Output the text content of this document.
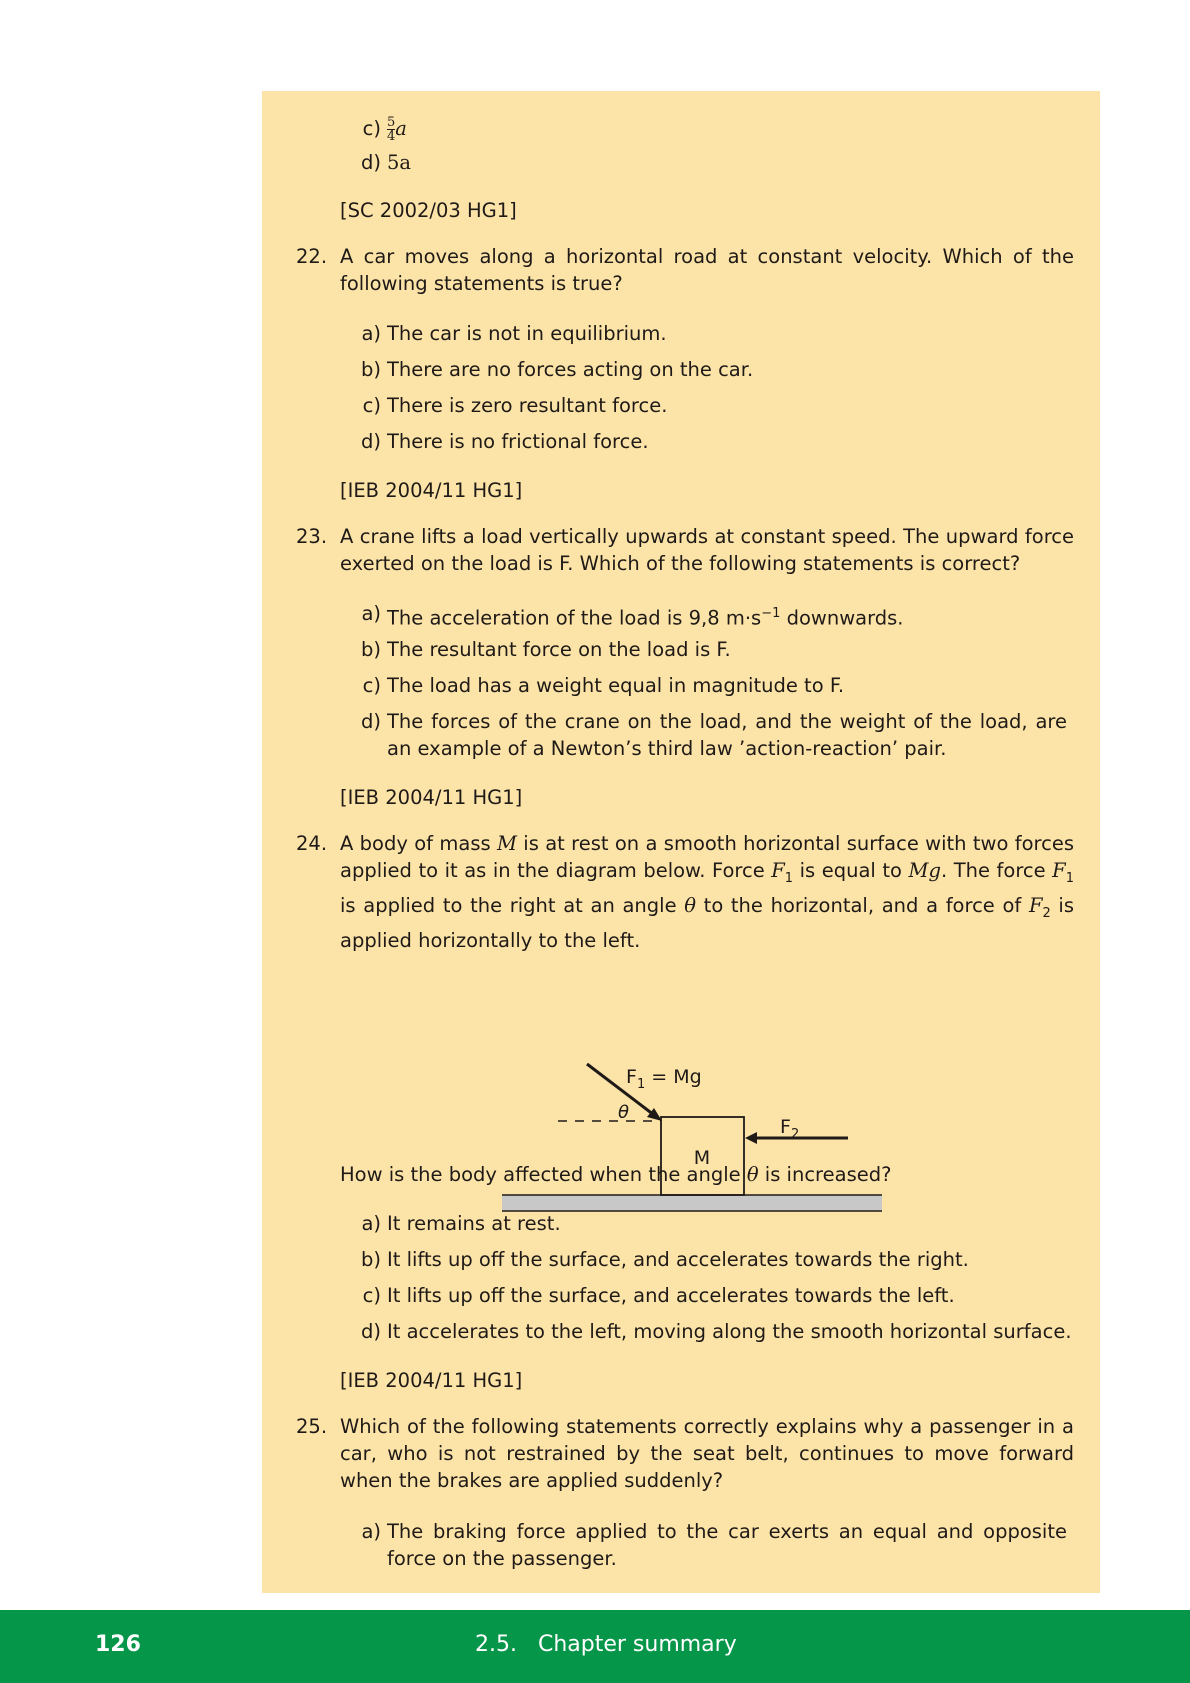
$c) \frac{5}{4}$ a
d) 5a
[SC 2002/03 HG1]
22. A car moves along a horizontal road at constant velocity. Which of the following statements is true?
a) The car is not in equilibrium.
b) There are no forces acting on the car.
c) There is zero resultant force.
d) There is no frictional force.
[IEB 2004/11 HG1]
23. A crane lifts a load vertically upwards at constant speed. The upward force exerted on the load is F. Which of the following statements is correct?
a) The acceleration of the load is 9,8 $m\cdot s^{-1}$ downwards.
b) The resultant force on the load is F.
c) The load has a weight equal in magnitude to F.
d) The forces of the crane on the load, and the weight of the load, are an example of a Newton’s third law ’action-reaction’ pair.
[IEB 2004/11 HG1]
24. A body of mass M is at rest on a smooth horizontal surface with two forces applied to it as in the diagram below. Force $F_1$ is equal to Mg. The force $F_1$ is applied to the right at an angle θ to the horizontal, and a force of $F_2$ is applied horizontally to the left.
M
θ
$F_1 = Mg$
$F_2$
How is the body affected when the angle θ is increased?
a) It remains at rest.
b) It lifts up off the surface, and accelerates towards the right.
c) It lifts up off the surface, and accelerates towards the left.
d) It accelerates to the left, moving along the smooth horizontal surface.
[IEB 2004/11 HG1]
25. Which of the following statements correctly explains why a passenger in a car, who is not restrained by the seat belt, continues to move forward when the brakes are applied suddenly?
a) The braking force applied to the car exerts an equal and opposite force on the passenger.
126	2.5.   Chapter summary
